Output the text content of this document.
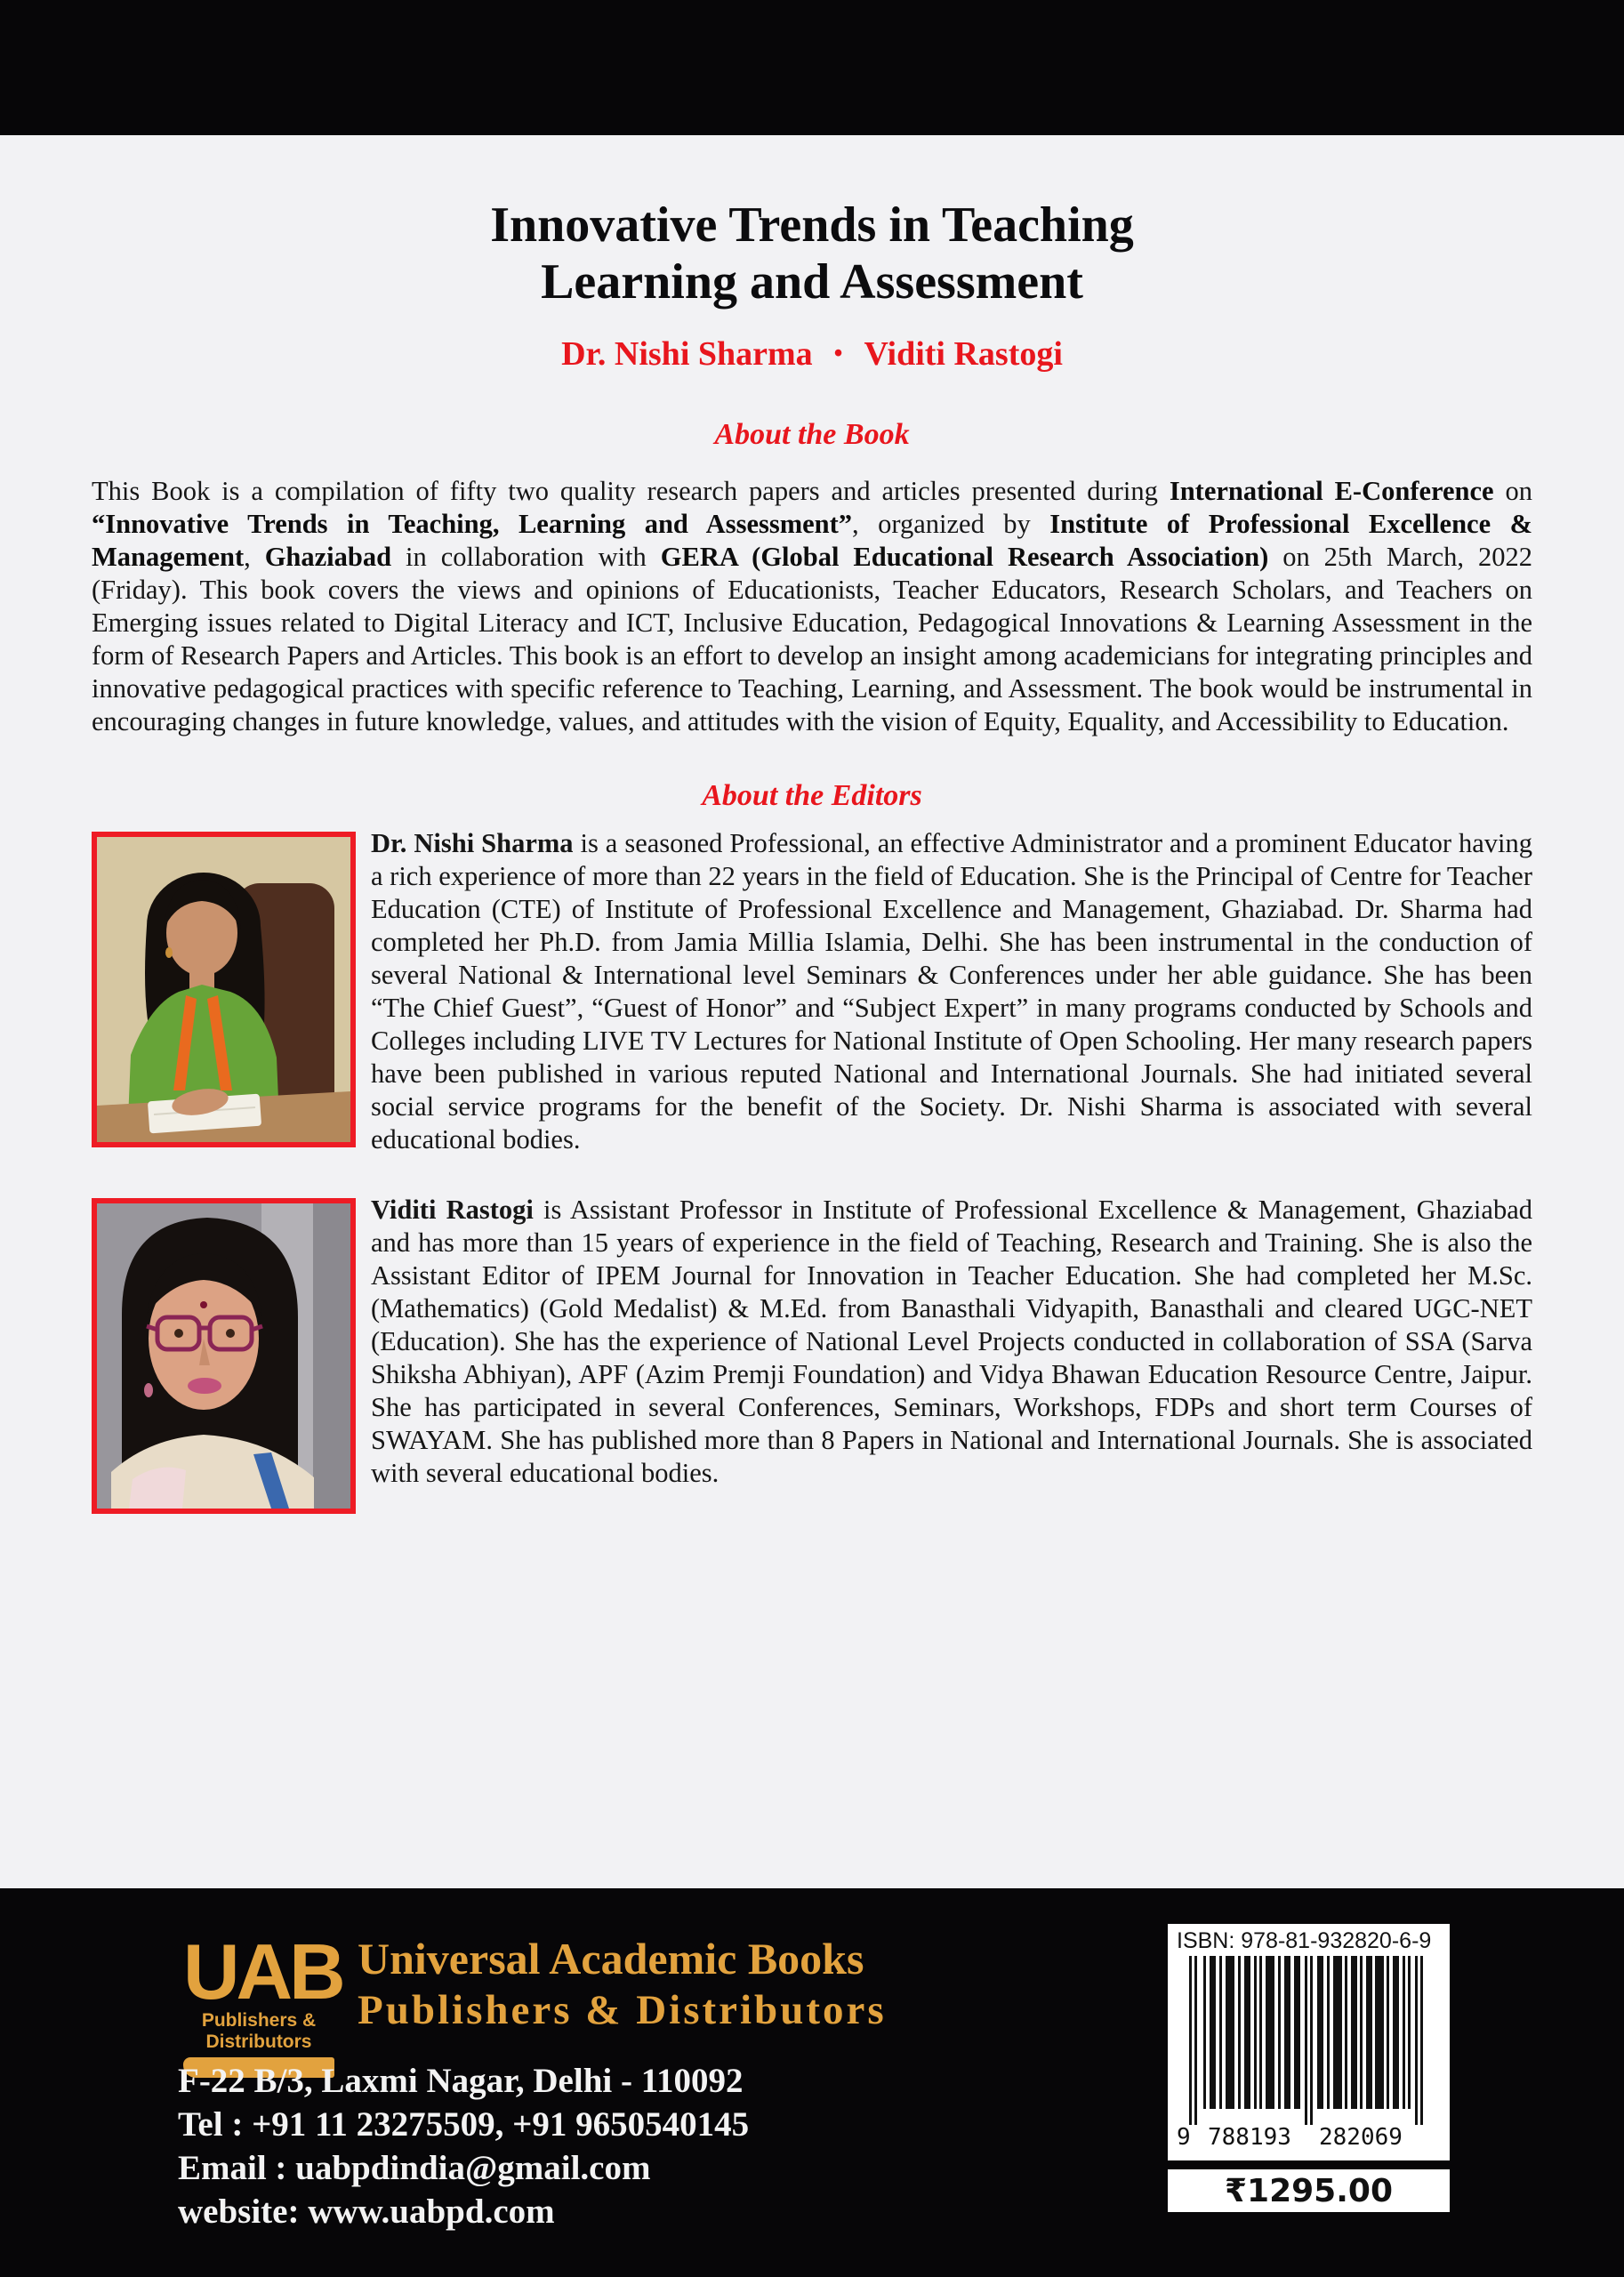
Innovative Trends in Teaching
Learning and Assessment
Dr. Nishi Sharma • Viditi Rastogi
About the Book

This Book is a compilation of fifty two quality research papers and articles presented during International E-Conference on “Innovative Trends in Teaching, Learning and Assessment”, organized by Institute of Professional Excellence & Management, Ghaziabad in collaboration with GERA (Global Educational Research Association) on 25th March, 2022 (Friday). This book covers the views and opinions of Educationists, Teacher Educators, Research Scholars, and Teachers on Emerging issues related to Digital Literacy and ICT, Inclusive Education, Pedagogical Innovations & Learning Assessment in the form of Research Papers and Articles. This book is an effort to develop an insight among academicians for integrating principles and innovative pedagogical practices with specific reference to Teaching, Learning, and Assessment. The book would be instrumental in encouraging changes in future knowledge, values, and attitudes with the vision of Equity, Equality, and Accessibility to Education.

About the Editors

Dr. Nishi Sharma is a seasoned Professional, an effective Administrator and a prominent Educator having a rich experience of more than 22 years in the field of Education. She is the Principal of Centre for Teacher Education (CTE) of Institute of Professional Excellence and Management, Ghaziabad. Dr. Sharma had completed her Ph.D. from Jamia Millia Islamia, Delhi. She has been instrumental in the conduction of several National & International level Seminars & Conferences under her able guidance. She has been “The Chief Guest”, “Guest of Honor” and “Subject Expert” in many programs conducted by Schools and Colleges including LIVE TV Lectures for National Institute of Open Schooling. Her many research papers have been published in various reputed National and International Journals. She had initiated several social service programs for the benefit of the Society. Dr. Nishi Sharma is associated with several educational bodies.

Viditi Rastogi is Assistant Professor in Institute of Professional Excellence & Management, Ghaziabad and has more than 15 years of experience in the field of Teaching, Research and Training. She is also the Assistant Editor of IPEM Journal for Innovation in Teacher Education. She had completed her M.Sc. (Mathematics) (Gold Medalist) & M.Ed. from Banasthali Vidyapith, Banasthali and cleared UGC-NET (Education). She has the experience of National Level Projects conducted in collaboration of SSA (Sarva Shiksha Abhiyan), APF (Azim Premji Foundation) and Vidya Bhawan Education Resource Centre, Jaipur. She has participated in several Conferences, Seminars, Workshops, FDPs and short term Courses of SWAYAM. She has published more than 8 Papers in National and International Journals. She is associated with several educational bodies.

UAB
Publishers &
Distributors
Universal Academic Books
Publishers & Distributors
F-22 B/3, Laxmi Nagar, Delhi - 110092
Tel : +91 11 23275509, +91 9650540145
Email : uabpdindia@gmail.com
website: www.uabpd.com
ISBN: 978-81-932820-6-9
9 788193 282069
₹1295.00
